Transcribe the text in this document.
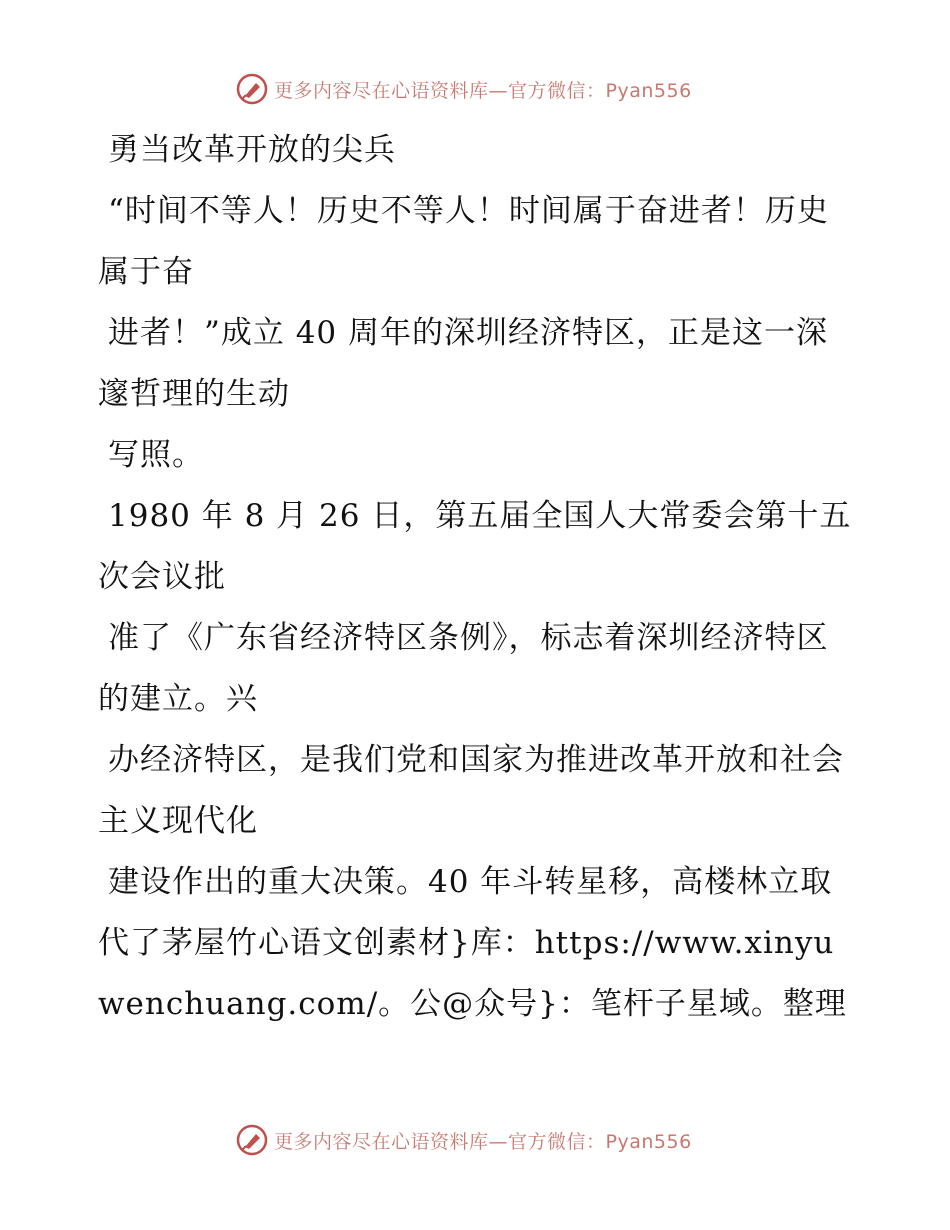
更多内容尽在心语资料库—官方微信：Pyan556

勇当改革开放的尖兵

“时间不等人！历史不等人！时间属于奋进者！历史属于奋

进者！”成立 40 周年的深圳经济特区，正是这一深邃哲理的生动

写照。

1980 年 8 月 26 日，第五届全国人大常委会第十五次会议批

准了《广东省经济特区条例》，标志着深圳经济特区的建立。兴

办经济特区，是我们党和国家为推进改革开放和社会主义现代化

建设作出的重大决策。40 年斗转星移，高楼林立取代了茅屋竹心语文创素材}库：https://www.xinyuwenchuang.com/。公@众号}：笔杆子星域。整理

更多内容尽在心语资料库—官方微信：Pyan556
